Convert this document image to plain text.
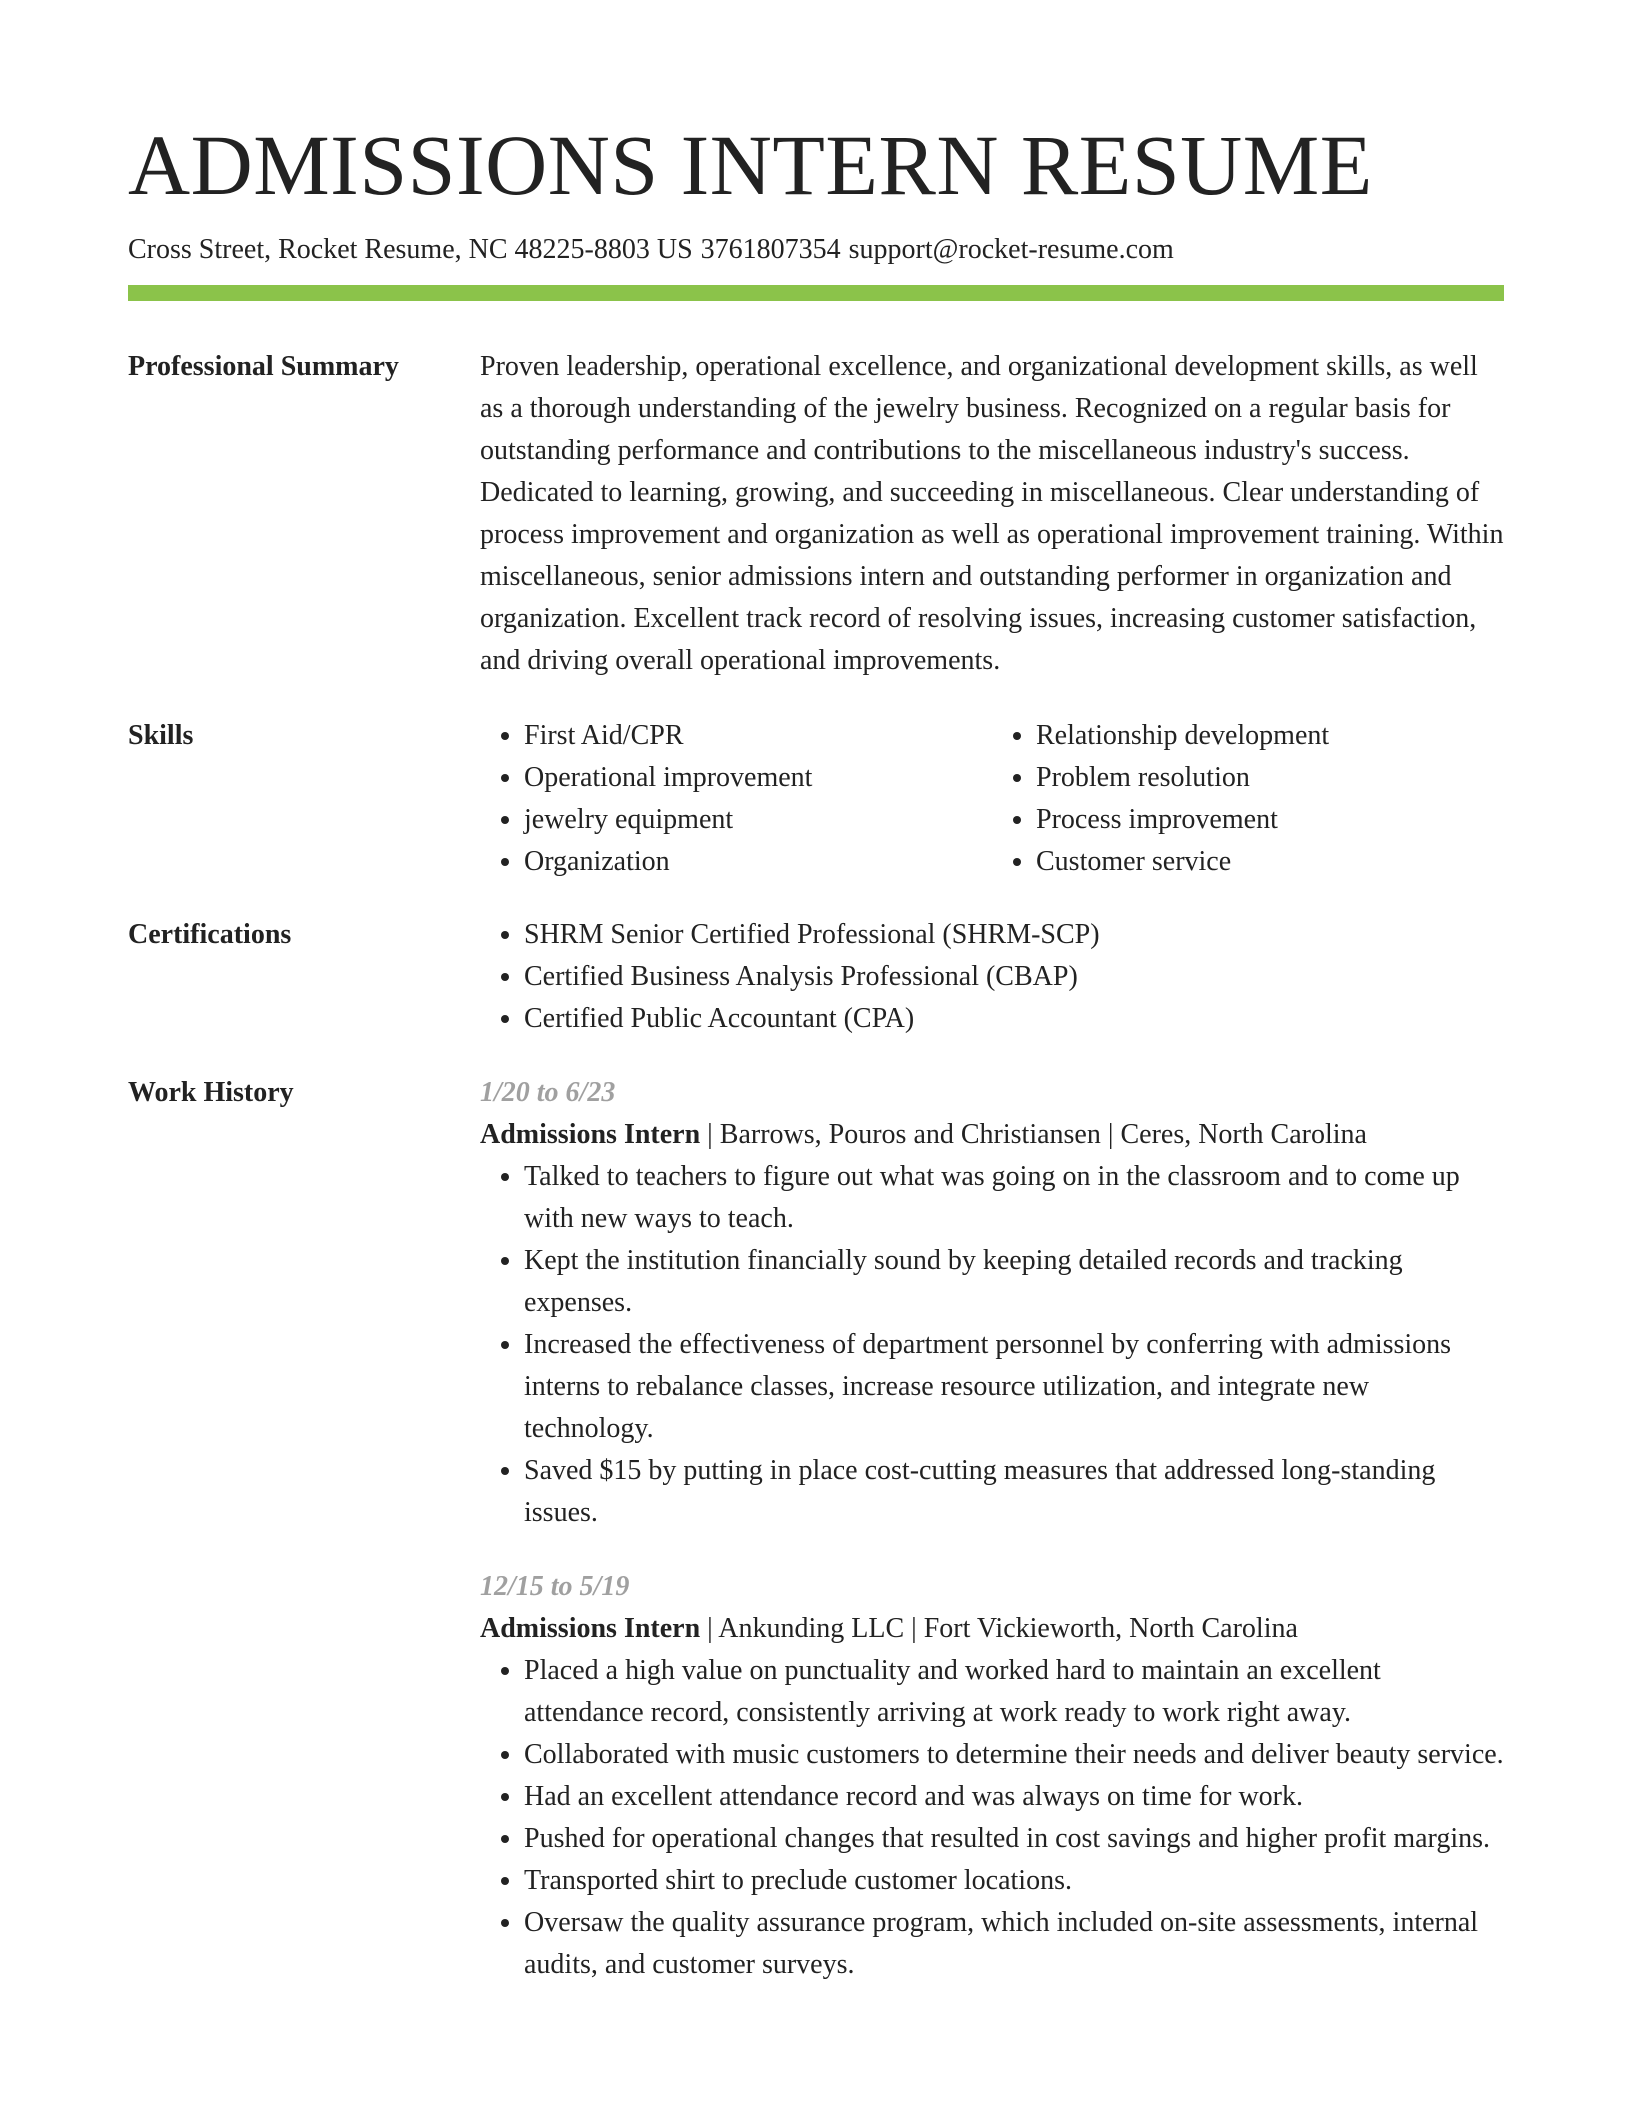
ADMISSIONS INTERN RESUME
Cross Street, Rocket Resume, NC 48225-8803 US 3761807354 support@rocket-resume.com
Professional Summary	Proven leadership, operational excellence, and organizational development skills, as well as a thorough understanding of the jewelry business. Recognized on a regular basis for outstanding performance and contributions to the miscellaneous industry's success. Dedicated to learning, growing, and succeeding in miscellaneous. Clear understanding of process improvement and organization as well as operational improvement training. Within miscellaneous, senior admissions intern and outstanding performer in organization and organization. Excellent track record of resolving issues, increasing customer satisfaction, and driving overall operational improvements.

Skills	• First Aid/CPR
• Operational improvement
• jewelry equipment
• Organization
• Relationship development
• Problem resolution
• Process improvement
• Customer service
Certifications	• SHRM Senior Certified Professional (SHRM-SCP)
• Certified Business Analysis Professional (CBAP)
• Certified Public Accountant (CPA)
Work History	1/20 to 6/23
Admissions Intern | Barrows, Pouros and Christiansen | Ceres, North Carolina
• Talked to teachers to figure out what was going on in the classroom and to come up with new ways to teach.
• Kept the institution financially sound by keeping detailed records and tracking expenses.
• Increased the effectiveness of department personnel by conferring with admissions interns to rebalance classes, increase resource utilization, and integrate new technology.
• Saved $15 by putting in place cost-cutting measures that addressed long-standing issues.
12/15 to 5/19
Admissions Intern | Ankunding LLC | Fort Vickieworth, North Carolina
• Placed a high value on punctuality and worked hard to maintain an excellent attendance record, consistently arriving at work ready to work right away.
• Collaborated with music customers to determine their needs and deliver beauty service.
• Had an excellent attendance record and was always on time for work.
• Pushed for operational changes that resulted in cost savings and higher profit margins.
• Transported shirt to preclude customer locations.
• Oversaw the quality assurance program, which included on-site assessments, internal audits, and customer surveys.
